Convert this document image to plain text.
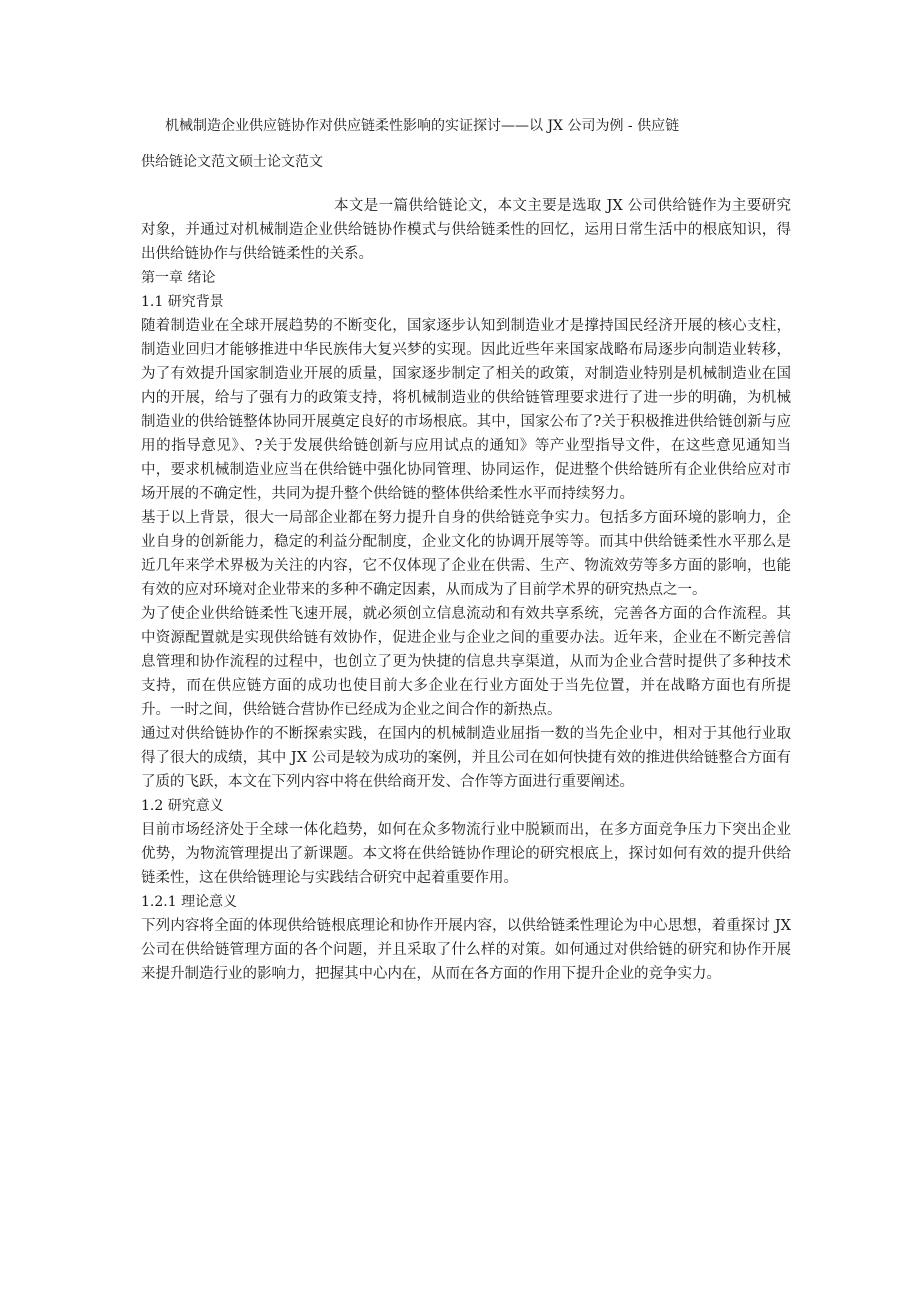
机械制造企业供应链协作对供应链柔性影响的实证探讨——以 JX 公司为例 - 供应链
供给链论文范文硕士论文范文
本文是一篇供给链论文，本文主要是选取 JX 公司供给链作为主要研究对象，并通过对机械制造企业供给链协作模式与供给链柔性的回忆，运用日常生活中的根底知识，得出供给链协作与供给链柔性的关系。
第一章 绪论
1.1 研究背景
随着制造业在全球开展趋势的不断变化，国家逐步认知到制造业才是撑持国民经济开展的核心支柱，制造业回归才能够推进中华民族伟大复兴梦的实现。因此近些年来国家战略布局逐步向制造业转移，为了有效提升国家制造业开展的质量，国家逐步制定了相关的政策，对制造业特别是机械制造业在国内的开展，给与了强有力的政策支持，将机械制造业的供给链管理要求进行了进一步的明确，为机械制造业的供给链整体协同开展奠定良好的市场根底。其中，国家公布了?关于积极推进供给链创新与应用的指导意见》、?关于发展供给链创新与应用试点的通知》等产业型指导文件，在这些意见通知当中，要求机械制造业应当在供给链中强化协同管理、协同运作，促进整个供给链所有企业供给应对市场开展的不确定性，共同为提升整个供给链的整体供给柔性水平而持续努力。
基于以上背景，很大一局部企业都在努力提升自身的供给链竞争实力。包括多方面环境的影响力，企业自身的创新能力，稳定的利益分配制度，企业文化的协调开展等等。而其中供给链柔性水平那么是近几年来学术界极为关注的内容，它不仅体现了企业在供需、生产、物流效劳等多方面的影响，也能有效的应对环境对企业带来的多种不确定因素，从而成为了目前学术界的研究热点之一。
为了使企业供给链柔性飞速开展，就必须创立信息流动和有效共享系统，完善各方面的合作流程。其中资源配置就是实现供给链有效协作，促进企业与企业之间的重要办法。近年来，企业在不断完善信息管理和协作流程的过程中，也创立了更为快捷的信息共享渠道，从而为企业合营时提供了多种技术支持，而在供应链方面的成功也使目前大多企业在行业方面处于当先位置，并在战略方面也有所提升。一时之间，供给链合营协作已经成为企业之间合作的新热点。
通过对供给链协作的不断探索实践，在国内的机械制造业屈指一数的当先企业中，相对于其他行业取得了很大的成绩，其中 JX 公司是较为成功的案例，并且公司在如何快捷有效的推进供给链整合方面有了质的飞跃，本文在下列内容中将在供给商开发、合作等方面进行重要阐述。
1.2 研究意义
目前市场经济处于全球一体化趋势，如何在众多物流行业中脱颖而出，在多方面竞争压力下突出企业优势，为物流管理提出了新课题。本文将在供给链协作理论的研究根底上，探讨如何有效的提升供给链柔性，这在供给链理论与实践结合研究中起着重要作用。
1.2.1 理论意义
下列内容将全面的体现供给链根底理论和协作开展内容，以供给链柔性理论为中心思想，着重探讨 JX 公司在供给链管理方面的各个问题，并且采取了什么样的对策。如何通过对供给链的研究和协作开展来提升制造行业的影响力，把握其中心内在，从而在各方面的作用下提升企业的竞争实力。
